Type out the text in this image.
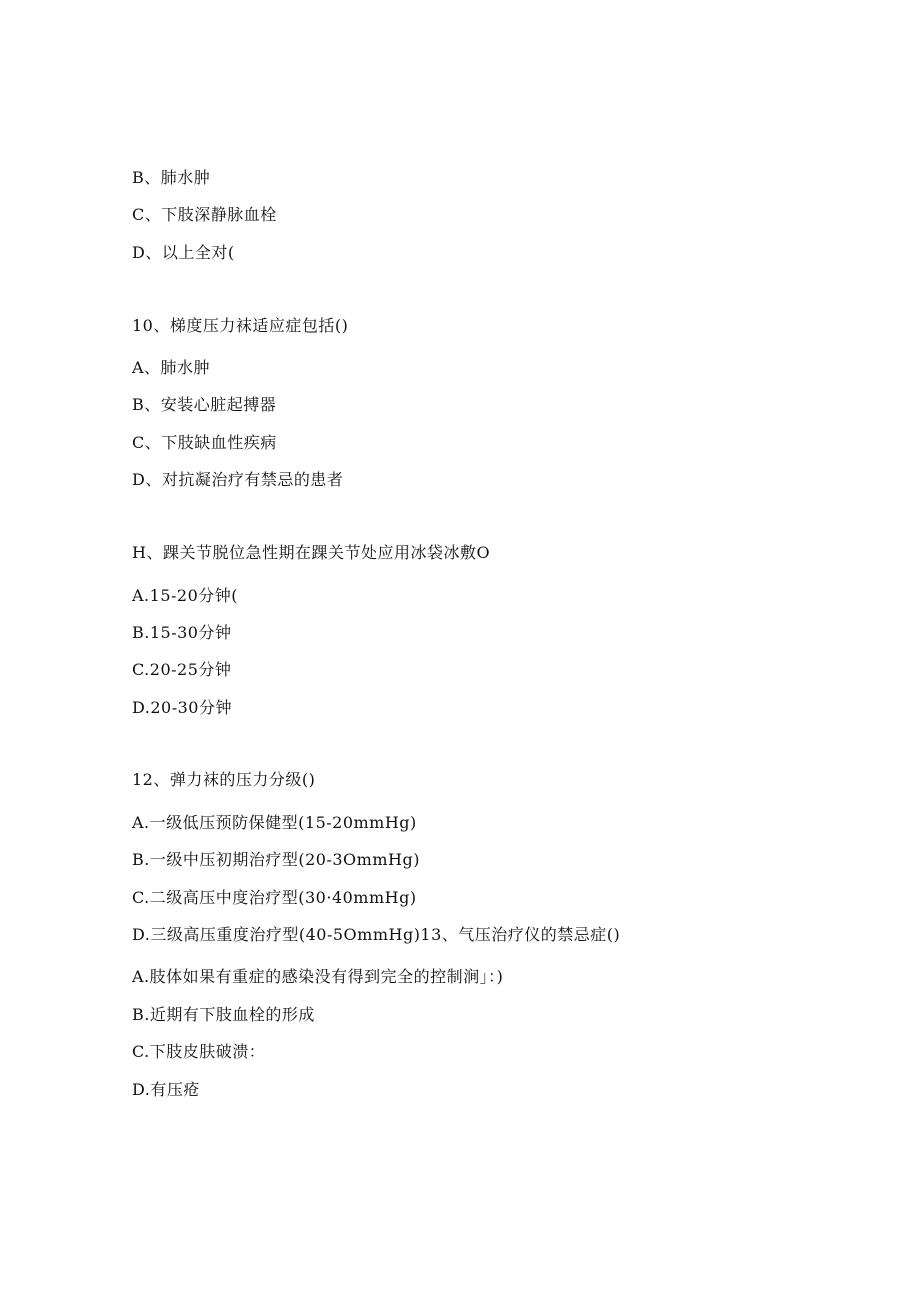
B、肺水肿
C、下肢深静脉血栓
D、以上全对(
10、梯度压力袜适应症包括()
A、肺水肿
B、安装心脏起搏器
C、下肢缺血性疾病
D、对抗凝治疗有禁忌的患者
H、踝关节脱位急性期在踝关节处应用冰袋冰敷O
A.15-20分钟(
B.15-30分钟
C.20-25分钟
D.20-30分钟
12、弹力袜的压力分级()
A.一级低压预防保健型(15-20mmHg)
B.一级中压初期治疗型(20-3OmmHg)
C.二级高压中度治疗型(30·40mmHg)
D.三级高压重度治疗型(40-5OmmHg)13、气压治疗仪的禁忌症()
A.肢体如果有重症的感染没有得到完全的控制涧」：)
B.近期有下肢血栓的形成
C.下肢皮肤破溃：
D.有压疮
